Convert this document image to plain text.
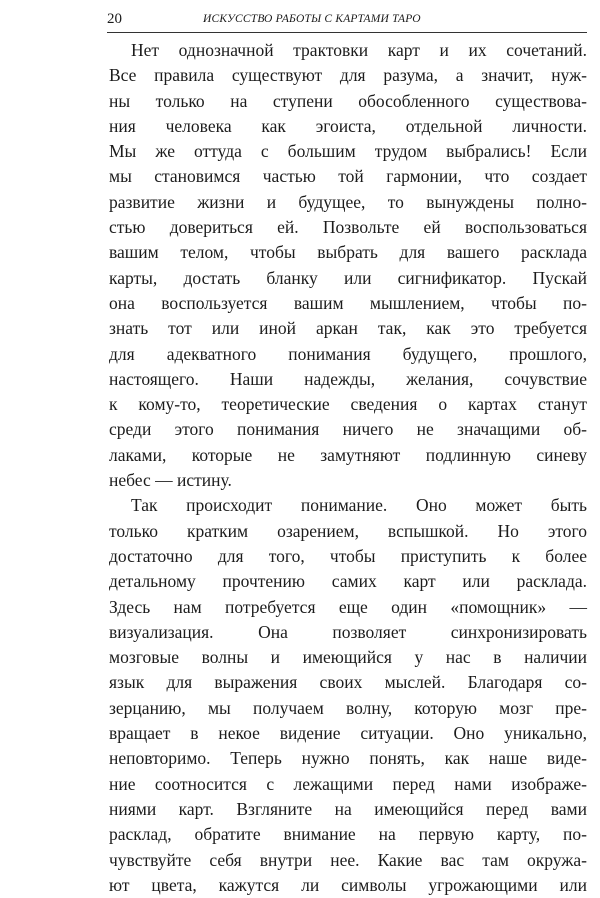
20	ИСКУССТВО РАБОТЫ С КАРТАМИ ТАРО
Нет однозначной трактовки карт и их сочетаний.
Все правила существуют для разума, а значит, нуж-
ны только на ступени обособленного существова-
ния человека как эгоиста, отдельной личности.
Мы же оттуда с большим трудом выбрались! Если
мы становимся частью той гармонии, что создает
развитие жизни и будущее, то вынуждены полно-
стью довериться ей. Позвольте ей воспользоваться
вашим телом, чтобы выбрать для вашего расклада
карты, достать бланку или сигнификатор. Пускай
она воспользуется вашим мышлением, чтобы по-
знать тот или иной аркан так, как это требуется
для адекватного понимания будущего, прошлого,
настоящего. Наши надежды, желания, сочувствие
к кому-то, теоретические сведения о картах станут
среди этого понимания ничего не значащими об-
лаками, которые не замутняют подлинную синеву
небес — истину.
Так происходит понимание. Оно может быть
только кратким озарением, вспышкой. Но этого
достаточно для того, чтобы приступить к более
детальному прочтению самих карт или расклада.
Здесь нам потребуется еще один «помощник» —
визуализация. Она позволяет синхронизировать
мозговые волны и имеющийся у нас в наличии
язык для выражения своих мыслей. Благодаря со-
зерцанию, мы получаем волну, которую мозг пре-
вращает в некое видение ситуации. Оно уникально,
неповторимо. Теперь нужно понять, как наше виде-
ние соотносится с лежащими перед нами изображе-
ниями карт. Взгляните на имеющийся перед вами
расклад, обратите внимание на первую карту, по-
чувствуйте себя внутри нее. Какие вас там окружа-
ют цвета, кажутся ли символы угрожающими или
